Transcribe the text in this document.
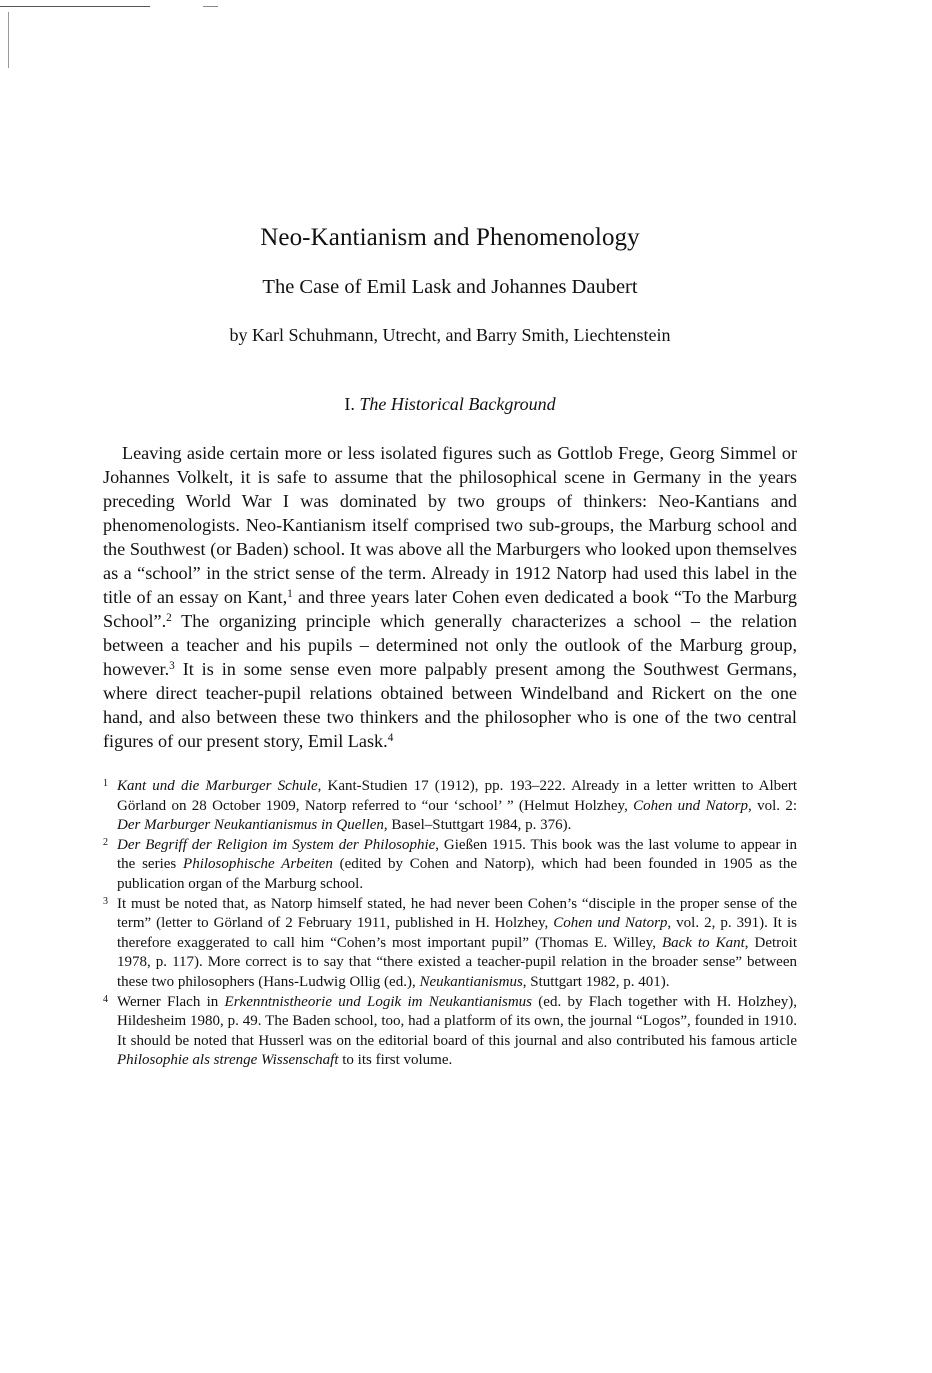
Neo-Kantianism and Phenomenology
The Case of Emil Lask and Johannes Daubert

by Karl Schuhmann, Utrecht, and Barry Smith, Liechtenstein

I. The Historical Background

Leaving aside certain more or less isolated figures such as Gottlob Frege, Georg Simmel or Johannes Volkelt, it is safe to assume that the philosophical scene in Germany in the years preceding World War I was dominated by two groups of thinkers: Neo-Kantians and phenomenologists. Neo-Kantianism itself comprised two sub-groups, the Marburg school and the Southwest (or Baden) school. It was above all the Marburgers who looked upon themselves as a “school” in the strict sense of the term. Already in 1912 Natorp had used this label in the title of an essay on Kant,$^1$ and three years later Cohen even dedicated a book “To the Marburg School”.$^2$ The organizing principle which generally characterizes a school – the relation between a teacher and his pupils – determined not only the outlook of the Marburg group, however.$^3$ It is in some sense even more palpably present among the Southwest Germans, where direct teacher-pupil relations obtained between Windelband and Rickert on the one hand, and also between these two thinkers and the philosopher who is one of the two central figures of our present story, Emil Lask.$^4$

1 Kant und die Marburger Schule, Kant-Studien 17 (1912), pp. 193–222. Already in a letter written to Albert Görland on 28 October 1909, Natorp referred to “our ‘school’ ” (Helmut Holzhey, Cohen und Natorp, vol. 2: Der Marburger Neukantianismus in Quellen, Basel–Stuttgart 1984, p. 376).
2 Der Begriff der Religion im System der Philosophie, Gießen 1915. This book was the last volume to appear in the series Philosophische Arbeiten (edited by Cohen and Natorp), which had been founded in 1905 as the publication organ of the Marburg school.
3 It must be noted that, as Natorp himself stated, he had never been Cohen’s “disciple in the proper sense of the term” (letter to Görland of 2 February 1911, published in H. Holzhey, Cohen und Natorp, vol. 2, p. 391). It is therefore exaggerated to call him “Cohen’s most important pupil” (Thomas E. Willey, Back to Kant, Detroit 1978, p. 117). More correct is to say that “there existed a teacher-pupil relation in the broader sense” between these two philosophers (Hans-Ludwig Ollig (ed.), Neukantianismus, Stuttgart 1982, p. 401).
4 Werner Flach in Erkenntnistheorie und Logik im Neukantianismus (ed. by Flach together with H. Holzhey), Hildesheim 1980, p. 49. The Baden school, too, had a platform of its own, the journal “Logos”, founded in 1910. It should be noted that Husserl was on the editorial board of this journal and also contributed his famous article Philosophie als strenge Wissenschaft to its first volume.
